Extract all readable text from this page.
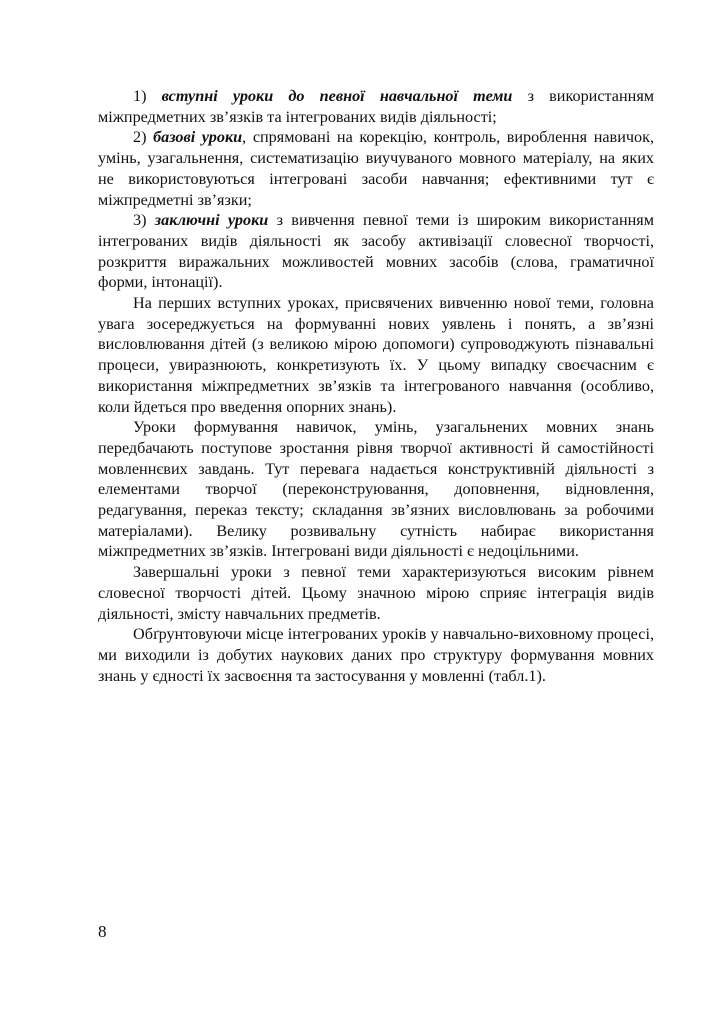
1) вступні уроки до певної навчальної теми з використанням міжпредметних зв’язків та інтегрованих видів діяльності;

2) базові уроки, спрямовані на корекцію, контроль, вироблення навичок, умінь, узагальнення, систематизацію виучуваного мовного матеріалу, на яких не використовуються інтегровані засоби навчання; ефективними тут є міжпредметні зв’язки;

3) заключні уроки з вивчення певної теми із широким використанням інтегрованих видів діяльності як засобу активізації словесної творчості, розкриття виражальних можливостей мовних засобів (слова, граматичної форми, інтонації).

На перших вступних уроках, присвячених вивченню нової теми, головна увага зосереджується на формуванні нових уявлень і понять, а зв’язні висловлювання дітей (з великою мірою допомоги) супроводжують пізнавальні процеси, увиразнюють, конкретизують їх. У цьому випадку своєчасним є використання міжпредметних зв’язків та інтегрованого навчання (особливо, коли йдеться про введення опорних знань).

Уроки формування навичок, умінь, узагальнених мовних знань передбачають поступове зростання рівня творчої активності й самостійності мовленнєвих завдань. Тут перевага надається конструктивній діяльності з елементами творчої (переконструювання, доповнення, відновлення, редагування, переказ тексту; складання зв’язних висловлювань за робочими матеріалами). Велику розвивальну сутність набирає використання міжпредметних зв’язків. Інтегровані види діяльності є недоцільними.

Завершальні уроки з певної теми характеризуються високим рівнем словесної творчості дітей. Цьому значною мірою сприяє інтеграція видів діяльності, змісту навчальних предметів.

Обґрунтовуючи місце інтегрованих уроків у навчально-виховному процесі, ми виходили із добутих наукових даних про структуру формування мовних знань у єдності їх засвоєння та застосування у мовленні (табл.1).

8
